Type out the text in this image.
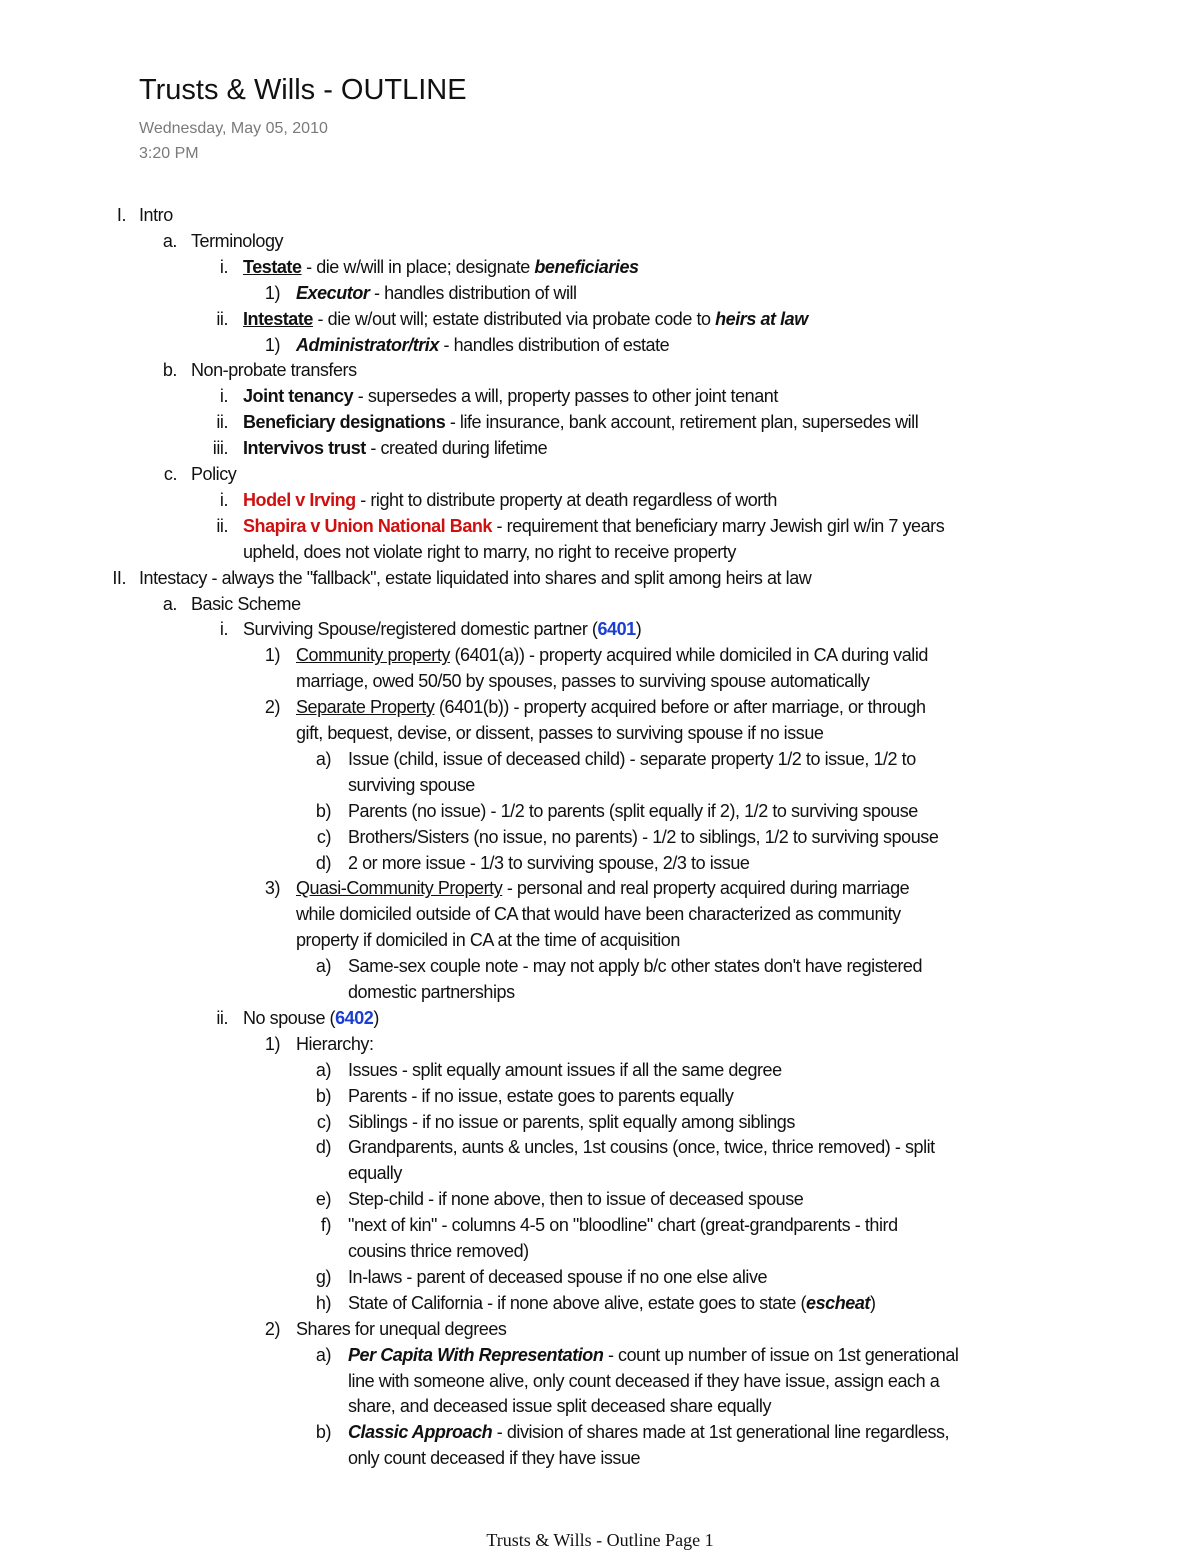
Trusts & Wills - OUTLINE
Wednesday, May 05, 2010
3:20 PM
I. Intro
a. Terminology
i. Testate - die w/will in place; designate beneficiaries
1) Executor - handles distribution of will
ii. Intestate - die w/out will; estate distributed via probate code to heirs at law
1) Administrator/trix - handles distribution of estate
b. Non-probate transfers
i. Joint tenancy - supersedes a will, property passes to other joint tenant
ii. Beneficiary designations - life insurance, bank account, retirement plan, supersedes will
iii. Intervivos trust - created during lifetime
c. Policy
i. Hodel v Irving - right to distribute property at death regardless of worth
ii. Shapira v Union National Bank - requirement that beneficiary marry Jewish girl w/in 7 years
upheld, does not violate right to marry, no right to receive property
II. Intestacy - always the "fallback", estate liquidated into shares and split among heirs at law
a. Basic Scheme
i. Surviving Spouse/registered domestic partner (6401)
1) Community property (6401(a)) - property acquired while domiciled in CA during valid
marriage, owed 50/50 by spouses, passes to surviving spouse automatically
2) Separate Property (6401(b)) - property acquired before or after marriage, or through
gift, bequest, devise, or dissent, passes to surviving spouse if no issue
a) Issue (child, issue of deceased child) - separate property 1/2 to issue, 1/2 to
surviving spouse
b) Parents (no issue) - 1/2 to parents (split equally if 2), 1/2 to surviving spouse
c) Brothers/Sisters (no issue, no parents) - 1/2 to siblings, 1/2 to surviving spouse
d) 2 or more issue - 1/3 to surviving spouse, 2/3 to issue
3) Quasi-Community Property - personal and real property acquired during marriage
while domiciled outside of CA that would have been characterized as community
property if domiciled in CA at the time of acquisition
a) Same-sex couple note - may not apply b/c other states don't have registered
domestic partnerships
ii. No spouse (6402)
1) Hierarchy:
a) Issues - split equally amount issues if all the same degree
b) Parents - if no issue, estate goes to parents equally
c) Siblings - if no issue or parents, split equally among siblings
d) Grandparents, aunts & uncles, 1st cousins (once, twice, thrice removed) - split
equally
e) Step-child - if none above, then to issue of deceased spouse
f) "next of kin" - columns 4-5 on "bloodline" chart (great-grandparents - third
cousins thrice removed)
g) In-laws - parent of deceased spouse if no one else alive
h) State of California - if none above alive, estate goes to state (escheat)
2) Shares for unequal degrees
a) Per Capita With Representation - count up number of issue on 1st generational
line with someone alive, only count deceased if they have issue, assign each a
share, and deceased issue split deceased share equally
b) Classic Approach - division of shares made at 1st generational line regardless,
only count deceased if they have issue
Trusts & Wills - Outline Page 1
